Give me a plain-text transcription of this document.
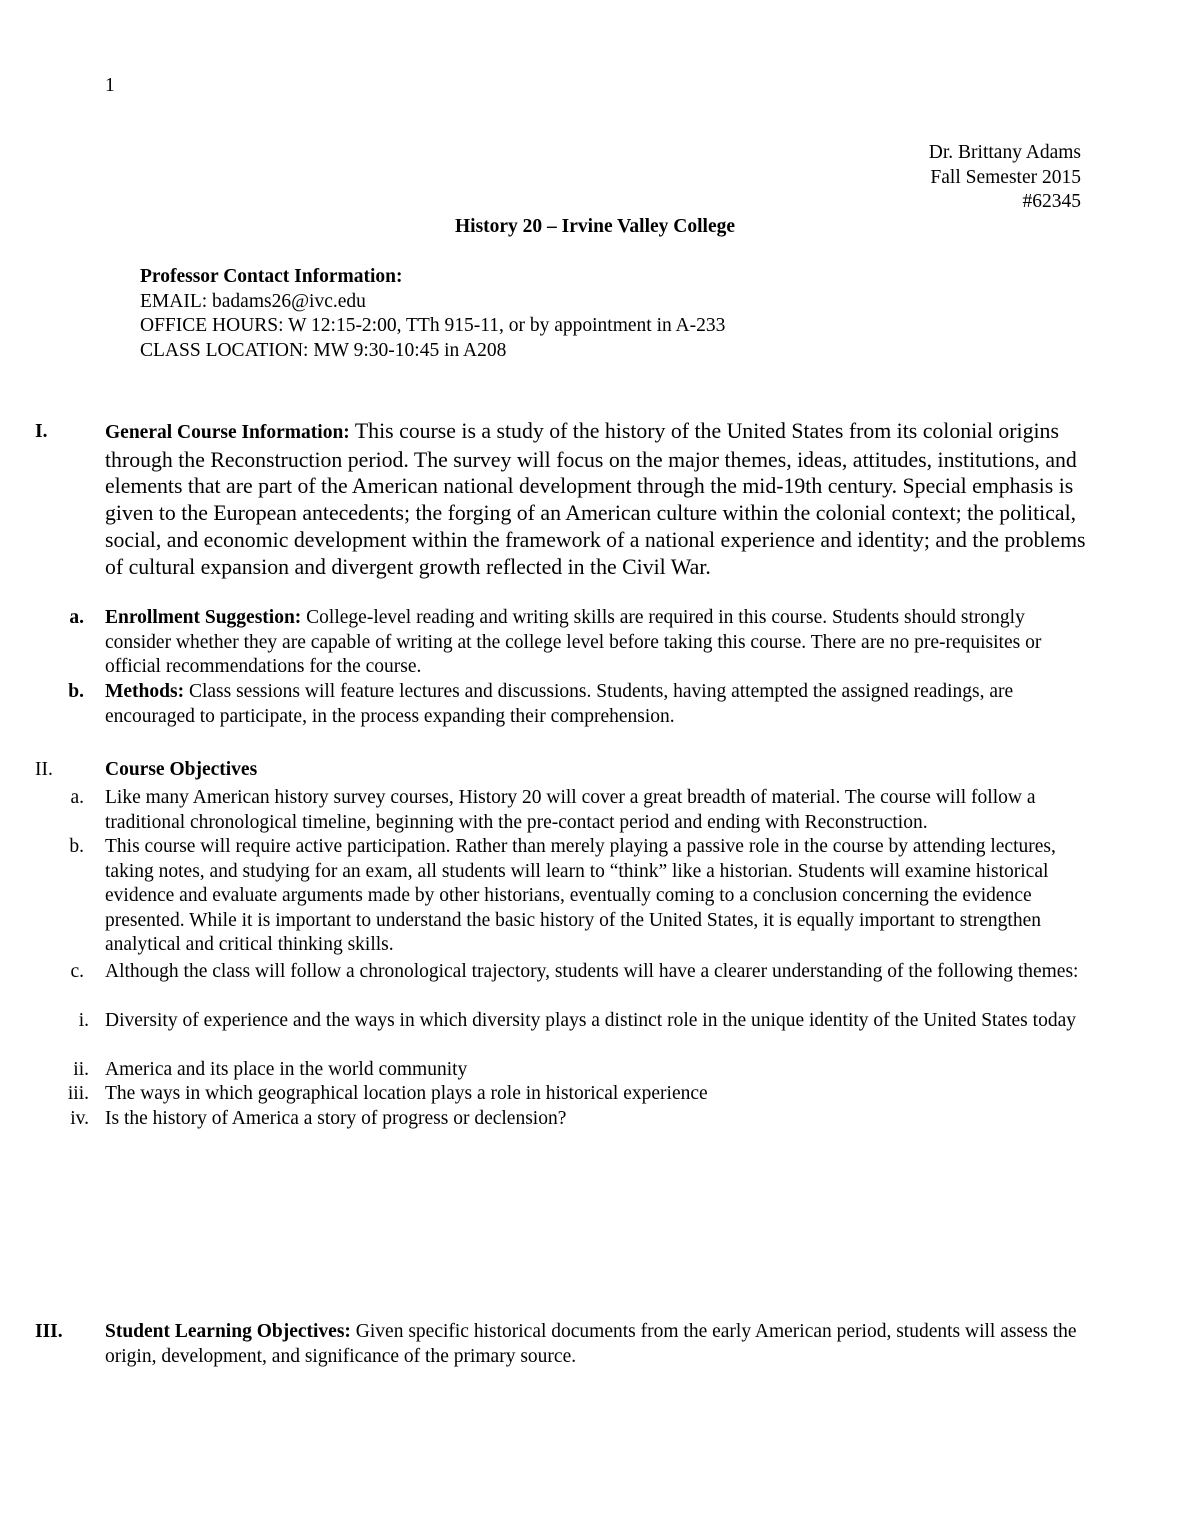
1
Dr. Brittany Adams
Fall Semester 2015
#62345
History 20 – Irvine Valley College
Professor Contact Information:
EMAIL: badams26@ivc.edu
OFFICE HOURS: W 12:15-2:00, TTh 915-11, or by appointment in A-233
CLASS LOCATION: MW 9:30-10:45 in A208
I.	General Course Information: This course is a study of the history of the United States from its colonial origins through the Reconstruction period. The survey will focus on the major themes, ideas, attitudes, institutions, and elements that are part of the American national development through the mid-19th century. Special emphasis is given to the European antecedents; the forging of an American culture within the colonial context; the political, social, and economic development within the framework of a national experience and identity; and the problems of cultural expansion and divergent growth reflected in the Civil War.
a. Enrollment Suggestion: College-level reading and writing skills are required in this course. Students should strongly consider whether they are capable of writing at the college level before taking this course. There are no pre-requisites or official recommendations for the course.
b. Methods: Class sessions will feature lectures and discussions. Students, having attempted the assigned readings, are encouraged to participate, in the process expanding their comprehension.
II.	Course Objectives
a. Like many American history survey courses, History 20 will cover a great breadth of material. The course will follow a traditional chronological timeline, beginning with the pre-contact period and ending with Reconstruction.
b. This course will require active participation. Rather than merely playing a passive role in the course by attending lectures, taking notes, and studying for an exam, all students will learn to “think” like a historian. Students will examine historical evidence and evaluate arguments made by other historians, eventually coming to a conclusion concerning the evidence presented. While it is important to understand the basic history of the United States, it is equally important to strengthen analytical and critical thinking skills.
c. Although the class will follow a chronological trajectory, students will have a clearer understanding of the following themes:
i. Diversity of experience and the ways in which diversity plays a distinct role in the unique identity of the United States today
ii. America and its place in the world community
iii. The ways in which geographical location plays a role in historical experience
iv. Is the history of America a story of progress or declension?
III. Student Learning Objectives: Given specific historical documents from the early American period, students will assess the origin, development, and significance of the primary source.
